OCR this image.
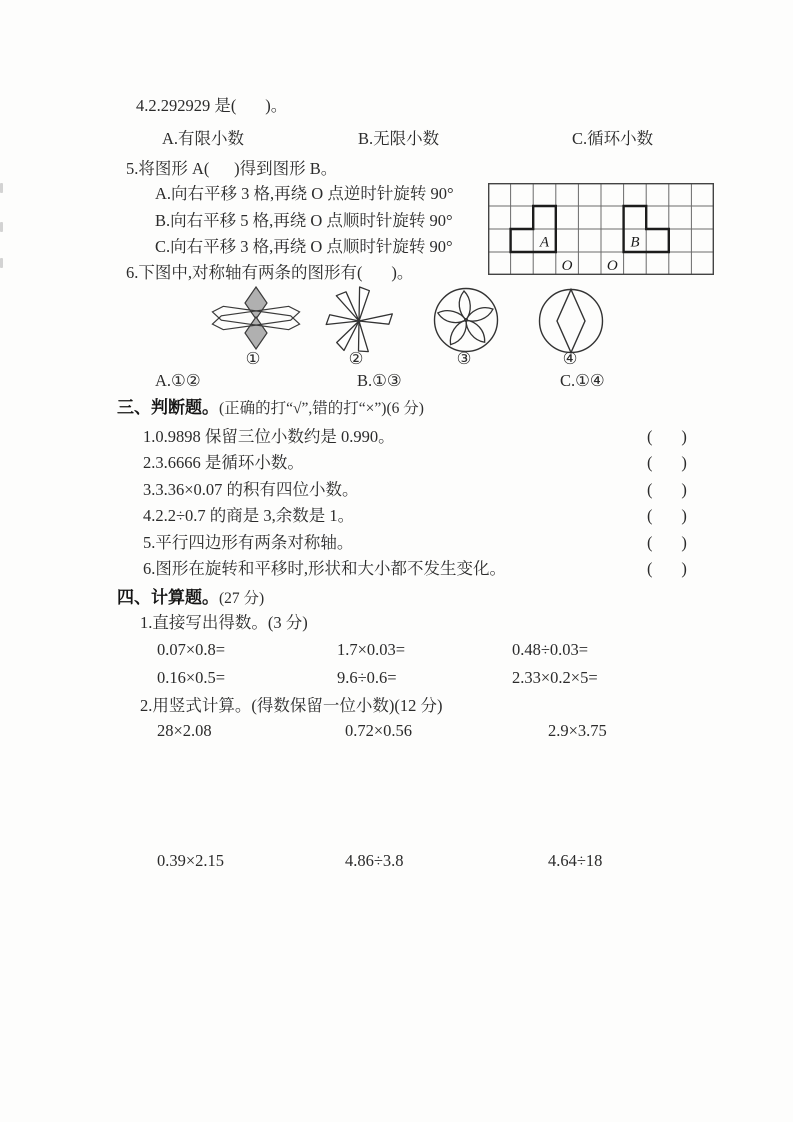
4.2.292929 是(       )。
A.有限小数	B.无限小数	C.循环小数
5.将图形 A(      )得到图形 B。
A.向右平移 3 格,再绕 O 点逆时针旋转 90°
B.向右平移 5 格,再绕 O 点顺时针旋转 90°
C.向右平移 3 格,再绕 O 点顺时针旋转 90°	A	B
O O
6.下图中,对称轴有两条的图形有(       )。
①	②	③	④
A.①②	B.①③	C.①④
三、判断题。(正确的打“√”,错的打“×”)(6 分)
1.0.9898 保留三位小数约是 0.990。	(       )
2.3.6666 是循环小数。	(       )
3.3.36×0.07 的积有四位小数。	(       )
4.2.2÷0.7 的商是 3,余数是 1。	(       )
5.平行四边形有两条对称轴。	(       )
6.图形在旋转和平移时,形状和大小都不发生变化。	(       )
四、计算题。(27 分)
1.直接写出得数。(3 分)
0.07×0.8=	1.7×0.03=	0.48÷0.03=
0.16×0.5=	9.6÷0.6=	2.33×0.2×5=
2.用竖式计算。(得数保留一位小数)(12 分)
28×2.08	0.72×0.56	2.9×3.75
0.39×2.15	4.86÷3.8	4.64÷18
